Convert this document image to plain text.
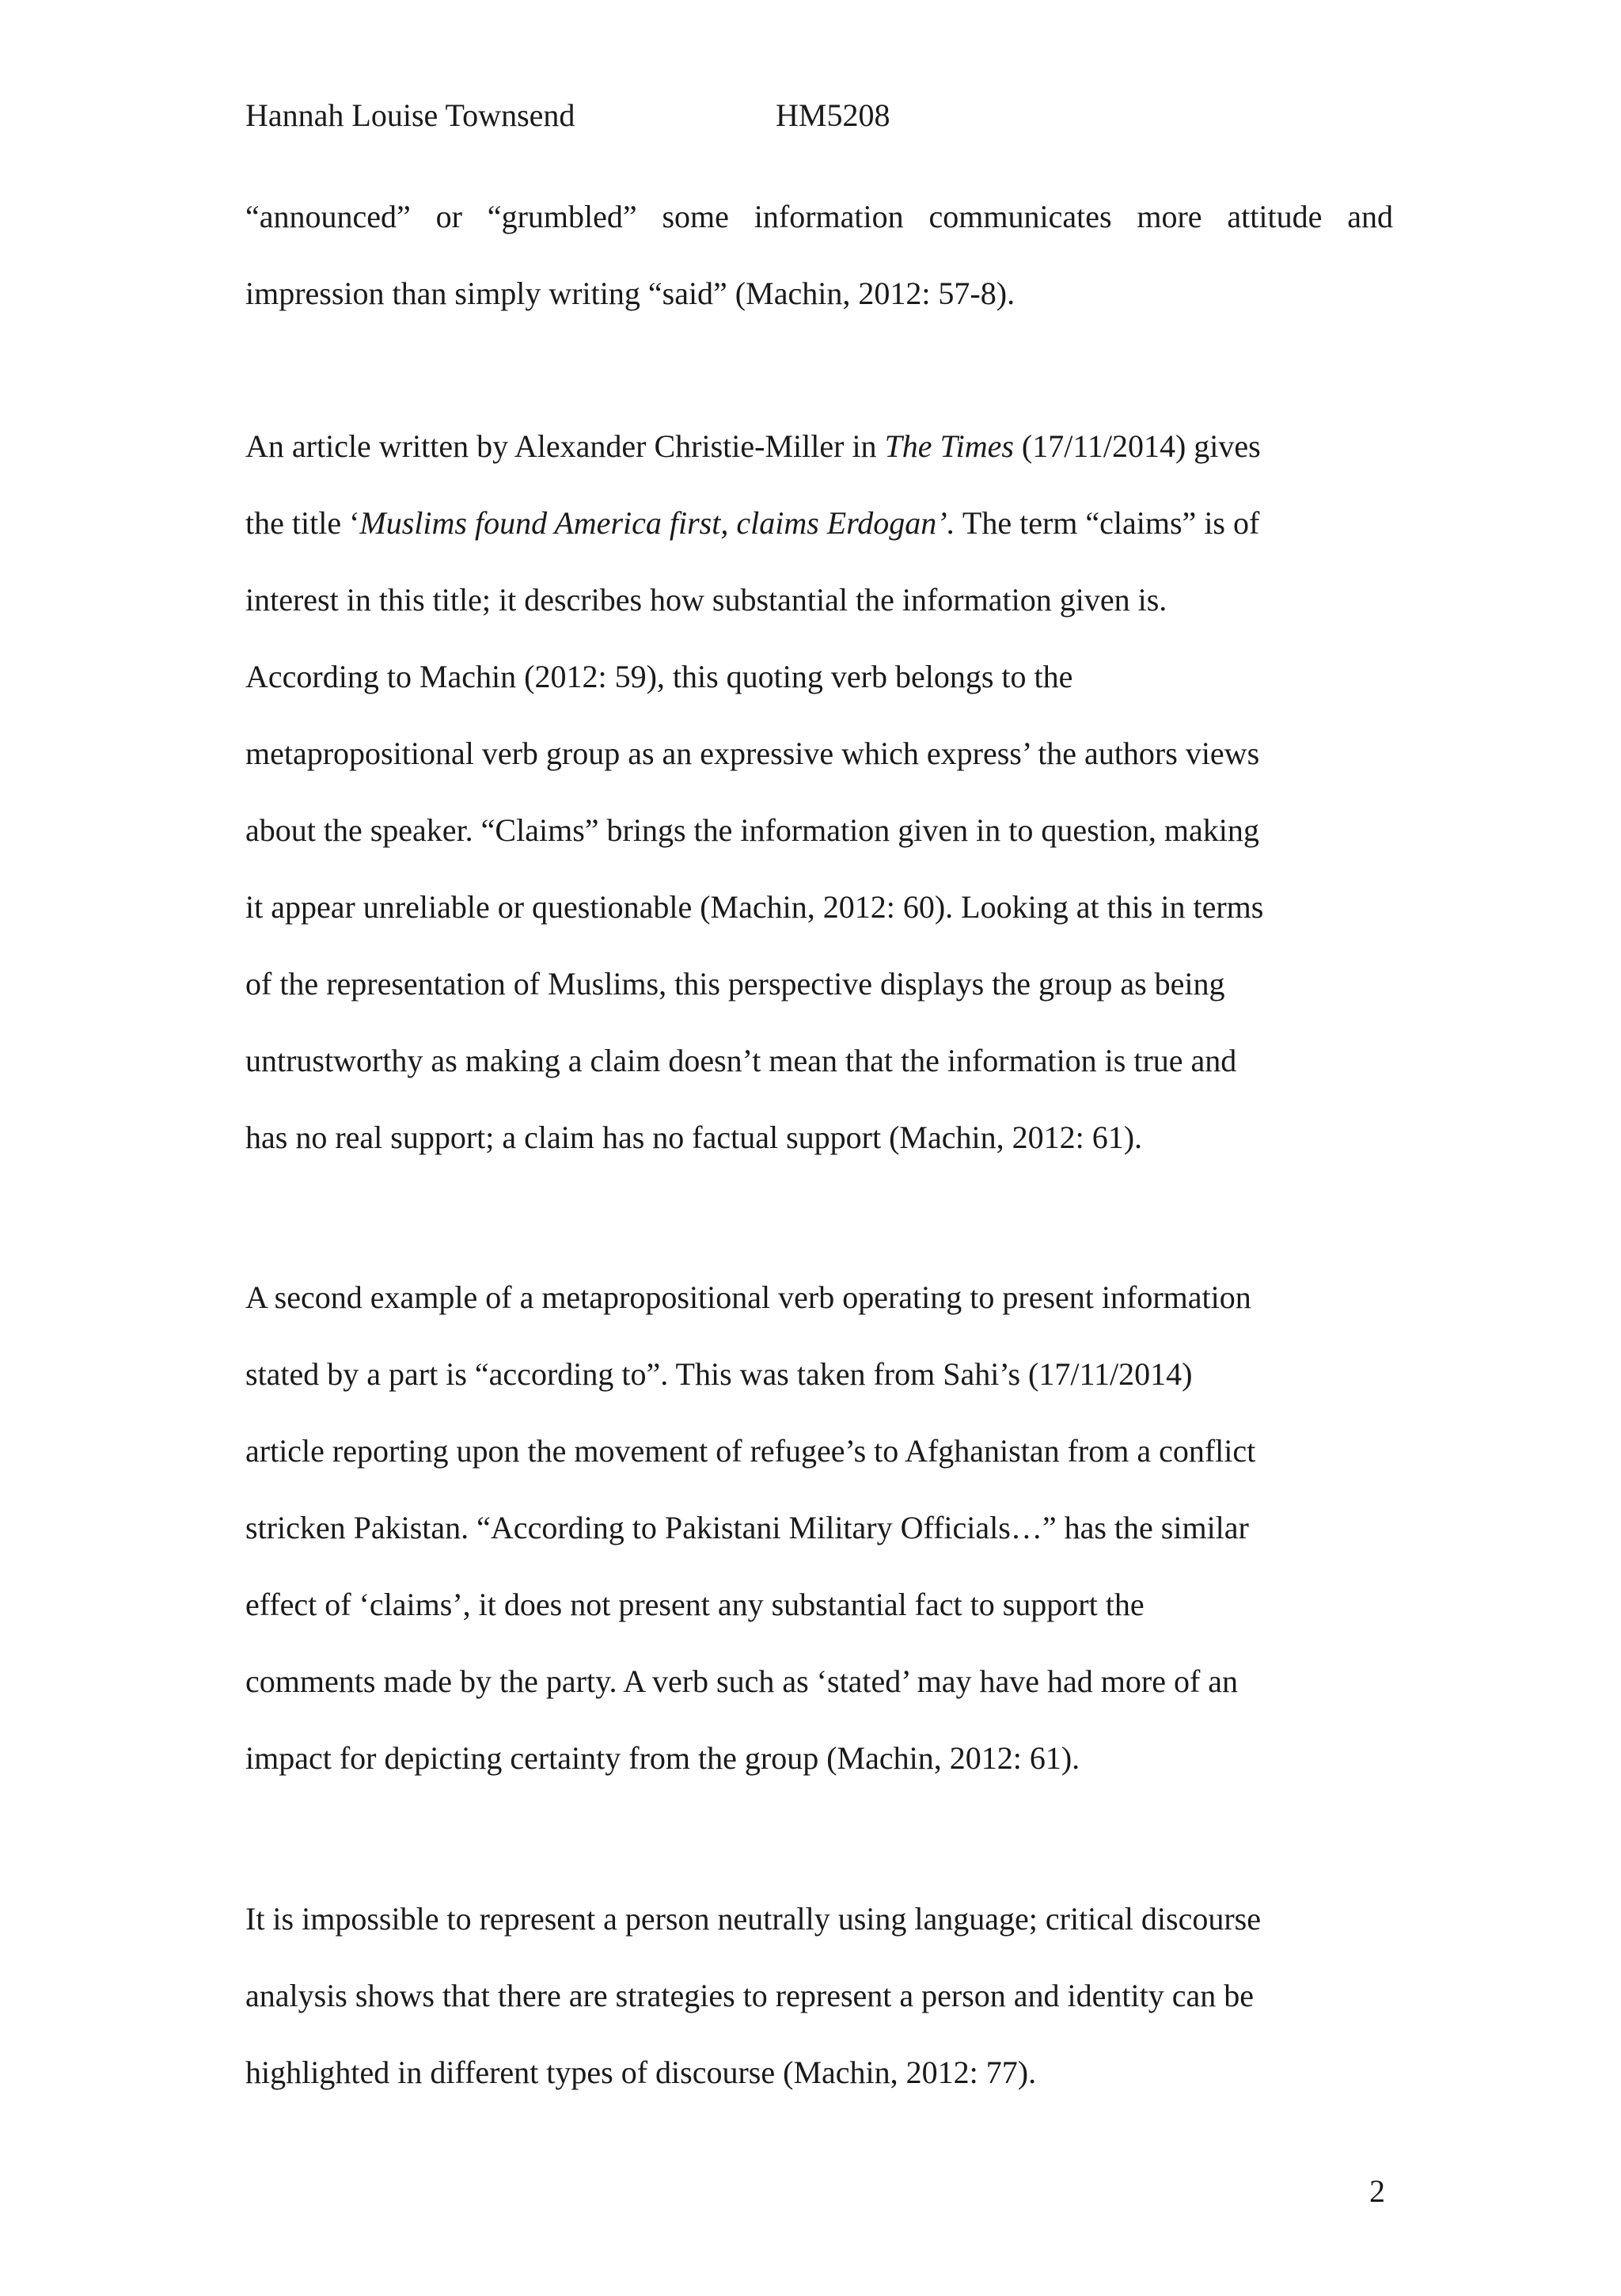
Hannah Louise Townsend	HM5208
“announced” or “grumbled” some information communicates more attitude and
impression than simply writing “said” (Machin, 2012: 57-8).
An article written by Alexander Christie-Miller in The Times (17/11/2014) gives
the title ‘Muslims found America first, claims Erdogan’. The term “claims” is of
interest in this title; it describes how substantial the information given is.
According to Machin (2012: 59), this quoting verb belongs to the
metapropositional verb group as an expressive which express’ the authors views
about the speaker. “Claims” brings the information given in to question, making
it appear unreliable or questionable (Machin, 2012: 60). Looking at this in terms
of the representation of Muslims, this perspective displays the group as being
untrustworthy as making a claim doesn’t mean that the information is true and
has no real support; a claim has no factual support (Machin, 2012: 61).
A second example of a metapropositional verb operating to present information
stated by a part is “according to”. This was taken from Sahi’s (17/11/2014)
article reporting upon the movement of refugee’s to Afghanistan from a conflict
stricken Pakistan. “According to Pakistani Military Officials…” has the similar
effect of ‘claims’, it does not present any substantial fact to support the
comments made by the party. A verb such as ‘stated’ may have had more of an
impact for depicting certainty from the group (Machin, 2012: 61).
It is impossible to represent a person neutrally using language; critical discourse
analysis shows that there are strategies to represent a person and identity can be
highlighted in different types of discourse (Machin, 2012: 77).
2
